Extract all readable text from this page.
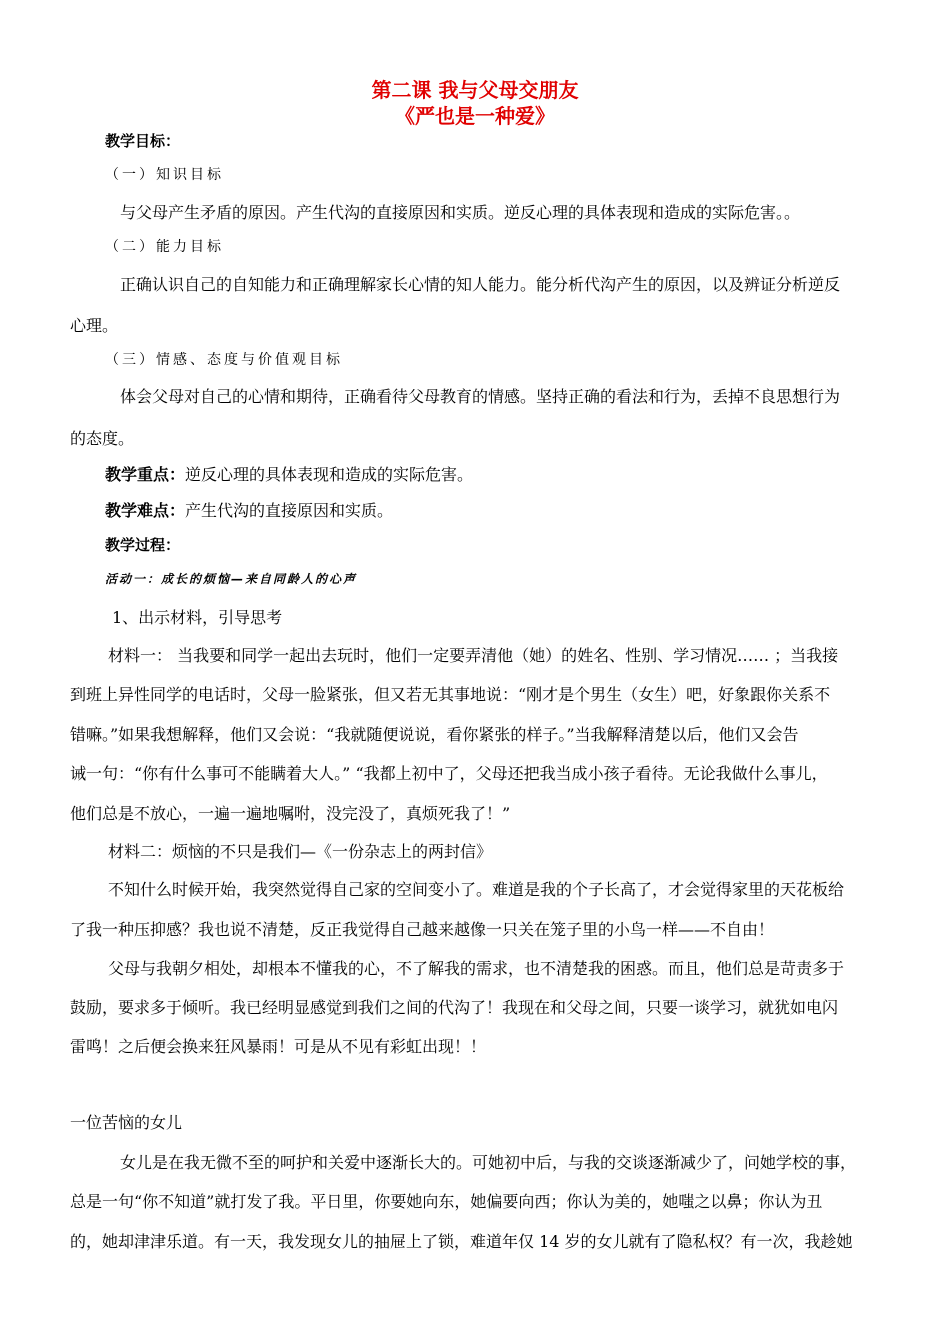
第二课 我与父母交朋友
《严也是一种爱》
教学目标：
（一）知识目标
与父母产生矛盾的原因。产生代沟的直接原因和实质。逆反心理的具体表现和造成的实际危害。。
（二）能力目标
正确认识自己的自知能力和正确理解家长心情的知人能力。能分析代沟产生的原因，以及辨证分析逆反
心理。
（三）情感、态度与价值观目标
体会父母对自己的心情和期待，正确看待父母教育的情感。坚持正确的看法和行为，丢掉不良思想行为
的态度。
教学重点：逆反心理的具体表现和造成的实际危害。
教学难点：产生代沟的直接原因和实质。
教学过程：
活动一：成长的烦恼—来自同龄人的心声
1、出示材料，引导思考
材料一： 当我要和同学一起出去玩时，他们一定要弄清他（她）的姓名、性别、学习情况…… ；当我接
到班上异性同学的电话时，父母一脸紧张，但又若无其事地说：“刚才是个男生（女生）吧，好象跟你关系不
错嘛。”如果我想解释，他们又会说：“我就随便说说，看你紧张的样子。”当我解释清楚以后，他们又会告
诫一句：“你有什么事可不能瞒着大人。” “我都上初中了，父母还把我当成小孩子看待。无论我做什么事儿，
他们总是不放心，一遍一遍地嘱咐，没完没了，真烦死我了！”
材料二：烦恼的不只是我们—《一份杂志上的两封信》
不知什么时候开始，我突然觉得自己家的空间变小了。难道是我的个子长高了，才会觉得家里的天花板给
了我一种压抑感？我也说不清楚，反正我觉得自己越来越像一只关在笼子里的小鸟一样——不自由！
父母与我朝夕相处，却根本不懂我的心，不了解我的需求，也不清楚我的困惑。而且，他们总是苛责多于
鼓励，要求多于倾听。我已经明显感觉到我们之间的代沟了！我现在和父母之间，只要一谈学习，就犹如电闪
雷鸣！之后便会换来狂风暴雨！可是从不见有彩虹出现！！
一位苦恼的女儿
女儿是在我无微不至的呵护和关爱中逐渐长大的。可她初中后，与我的交谈逐渐减少了，问她学校的事，
总是一句“你不知道”就打发了我。平日里，你要她向东，她偏要向西；你认为美的，她嗤之以鼻；你认为丑
的，她却津津乐道。有一天，我发现女儿的抽屉上了锁，难道年仅 14 岁的女儿就有了隐私权？有一次，我趁她
